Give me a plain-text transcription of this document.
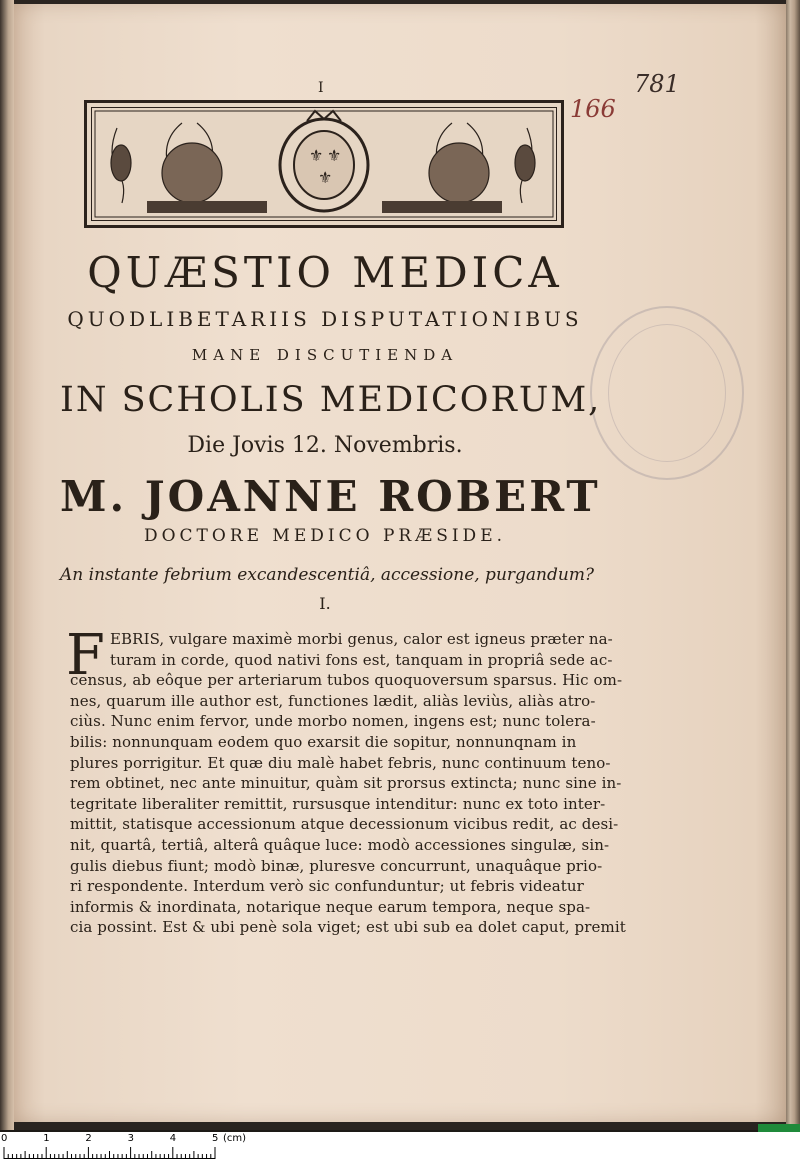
I	781
166
⚜ ⚜
⚜
QUÆSTIO MEDICA
QUODLIBETARIIS DISPUTATIONIBUS
MANE DISCUTIENDA
IN SCHOLIS MEDICORUM,
Die Jovis 12. Novembris.
M. JOANNE ROBERT
DOCTORE MEDICO PRÆSIDE.
An instante febrium excandescentiâ, accessione, purgandum?
I.
F EBRIS, vulgare maximè morbi genus, calor est igneus præter na-
turam in corde, quod nativi fons est, tanquam in propriâ sede ac-
census, ab eôque per arteriarum tubos quoquoversum sparsus. Hic om-
nes, quarum ille author est, functiones lædit, aliàs leviùs, aliàs atro-
ciùs. Nunc enim fervor, unde morbo nomen, ingens est; nunc tolera-
bilis: nonnunquam eodem quo exarsit die sopitur, nonnunqnam in
plures porrigitur. Et quæ diu malè habet febris, nunc continuum teno-
rem obtinet, nec ante minuitur, quàm sit prorsus extincta; nunc sine in-
tegritate liberaliter remittit, rursusque intenditur: nunc ex toto inter-
mittit, statisque accessionum atque decessionum vicibus redit, ac desi-
nit, quartâ, tertiâ, alterâ quâque luce: modò accessiones singulæ, sin-
gulis diebus fiunt; modò binæ, pluresve concurrunt, unaquâque prio-
ri respondente. Interdum verò sic confunduntur; ut febris videatur
informis & inordinata, notarique neque earum tempora, neque spa-
cia possint. Est & ubi penè sola viget; est ubi sub ea dolet caput, premit
0	1	2	3	4	5 (cm)
